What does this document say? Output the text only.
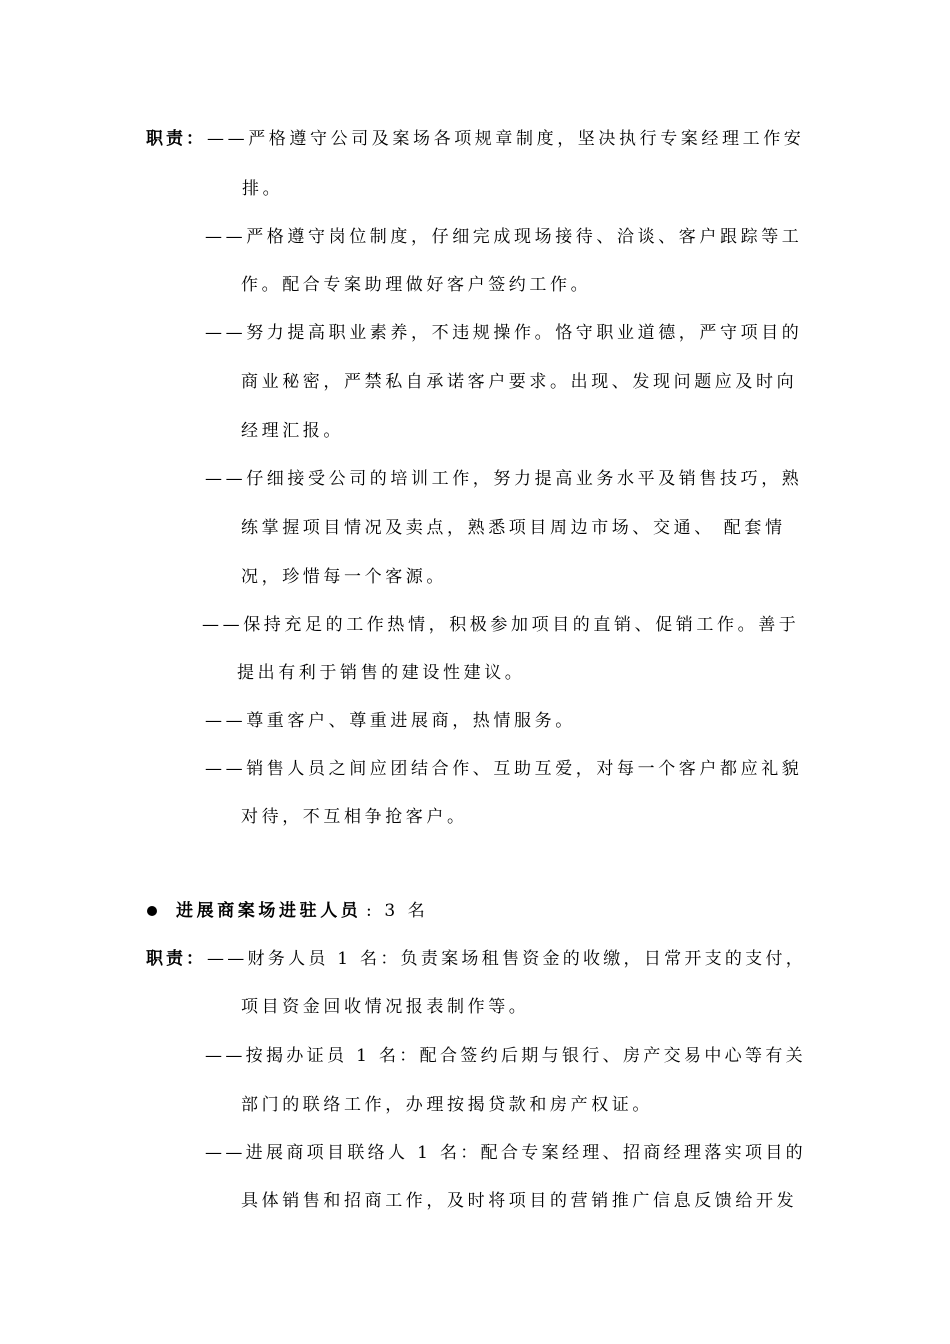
职责： ——严格遵守公司及案场各项规章制度，坚决执行专案经理工作安
排。
——严格遵守岗位制度，仔细完成现场接待、洽谈、客户跟踪等工
作。配合专案助理做好客户签约工作。
——努力提高职业素养，不违规操作。恪守职业道德，严守项目的
商业秘密，严禁私自承诺客户要求。出现、发现问题应及时向
经理汇报。
——仔细接受公司的培训工作，努力提高业务水平及销售技巧，熟
练掌握项目情况及卖点，熟悉项目周边市场、交通、 配套情
况，珍惜每一个客源。
——保持充足的工作热情，积极参加项目的直销、促销工作。善于
提出有利于销售的建设性建议。
——尊重客户、尊重进展商，热情服务。
——销售人员之间应团结合作、互助互爱，对每一个客户都应礼貌
对待，不互相争抢客户。
进展商案场进驻人员 : 3 名
职责： ——财务人员 1 名：负责案场租售资金的收缴，日常开支的支付，
项目资金回收情况报表制作等。
——按揭办证员 1 名：配合签约后期与银行、房产交易中心等有关
部门的联络工作，办理按揭贷款和房产权证。
——进展商项目联络人 1 名：配合专案经理、招商经理落实项目的
具体销售和招商工作，及时将项目的营销推广信息反馈给开发
